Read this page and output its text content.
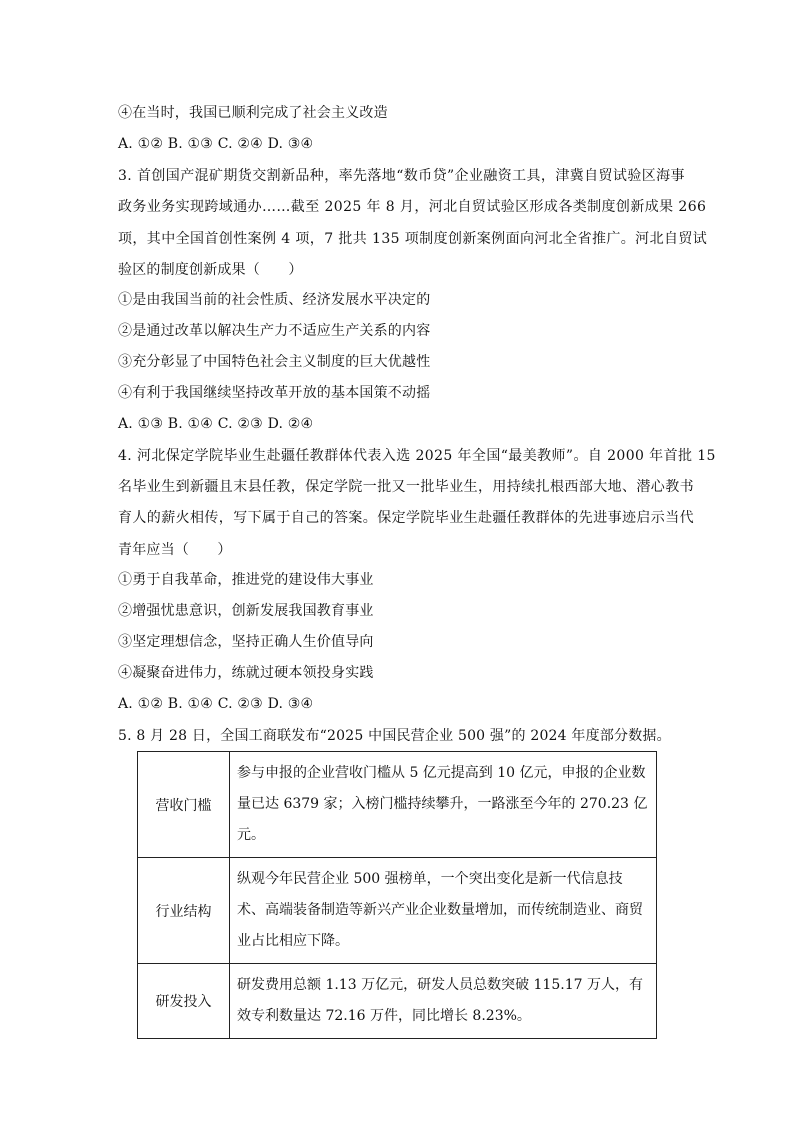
④在当时，我国已顺利完成了社会主义改造
A. ①② B. ①③ C. ②④ D. ③④
3. 首创国产混矿期货交割新品种，率先落地“数币贷”企业融资工具，津冀自贸试验区海事
政务业务实现跨域通办……截至 2025 年 8 月，河北自贸试验区形成各类制度创新成果 266
项，其中全国首创性案例 4 项，7 批共 135 项制度创新案例面向河北全省推广。河北自贸试
验区的制度创新成果（　　）
①是由我国当前的社会性质、经济发展水平决定的
②是通过改革以解决生产力不适应生产关系的内容
③充分彰显了中国特色社会主义制度的巨大优越性
④有利于我国继续坚持改革开放的基本国策不动摇
A. ①③ B. ①④ C. ②③ D. ②④
4. 河北保定学院毕业生赴疆任教群体代表入选 2025 年全国“最美教师”。自 2000 年首批 15
名毕业生到新疆且末县任教，保定学院一批又一批毕业生，用持续扎根西部大地、潜心教书
育人的薪火相传，写下属于自己的答案。保定学院毕业生赴疆任教群体的先进事迹启示当代
青年应当（　　）
①勇于自我革命，推进党的建设伟大事业
②增强忧患意识，创新发展我国教育事业
③坚定理想信念，坚持正确人生价值导向
④凝聚奋进伟力，练就过硬本领投身实践
A. ①② B. ①④ C. ②③ D. ③④
5. 8 月 28 日，全国工商联发布“2025 中国民营企业 500 强”的 2024 年度部分数据。
营收门槛	参与申报的企业营收门槛从 5 亿元提高到 10 亿元，申报的企业数量已达 6379 家；入榜门槛持续攀升，一路涨至今年的 270.23 亿元。
行业结构	纵观今年民营企业 500 强榜单，一个突出变化是新一代信息技术、高端装备制造等新兴产业企业数量增加，而传统制造业、商贸业占比相应下降。
研发投入	研发费用总额 1.13 万亿元，研发人员总数突破 115.17 万人，有效专利数量达 72.16 万件，同比增长 8.23%。
